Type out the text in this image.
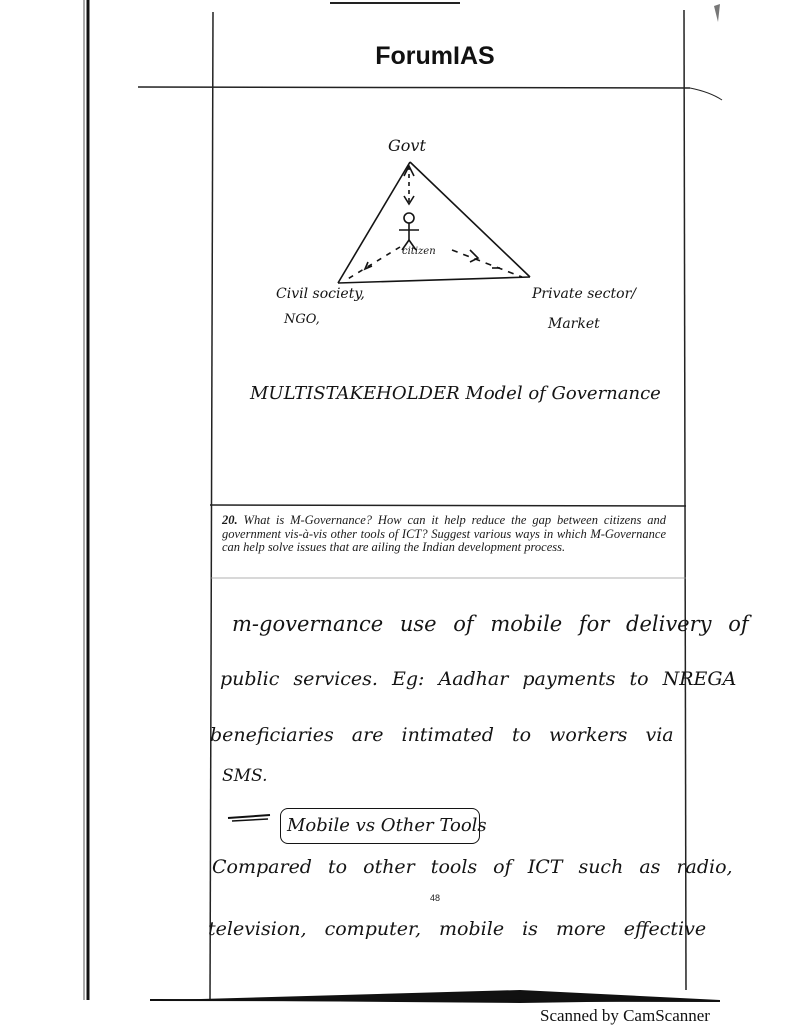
ForumIAS
Govt
citizen
Civil society,
NGO,
Private sector/
Market
MULTISTAKEHOLDER Model of Governance
20. What is M-Governance? How can it help reduce the gap between citizens and government vis-à-vis other tools of ICT? Suggest various ways in which M-Governance can help solve issues that are ailing the Indian development process.
m-governance use of mobile for delivery of
public services. Eg: Aadhar payments to NREGA
beneficiaries are intimated to workers via
SMS.
Mobile vs Other Tools
Compared to other tools of ICT such as radio,
television, computer, mobile is more effective
48
Scanned by CamScanner
